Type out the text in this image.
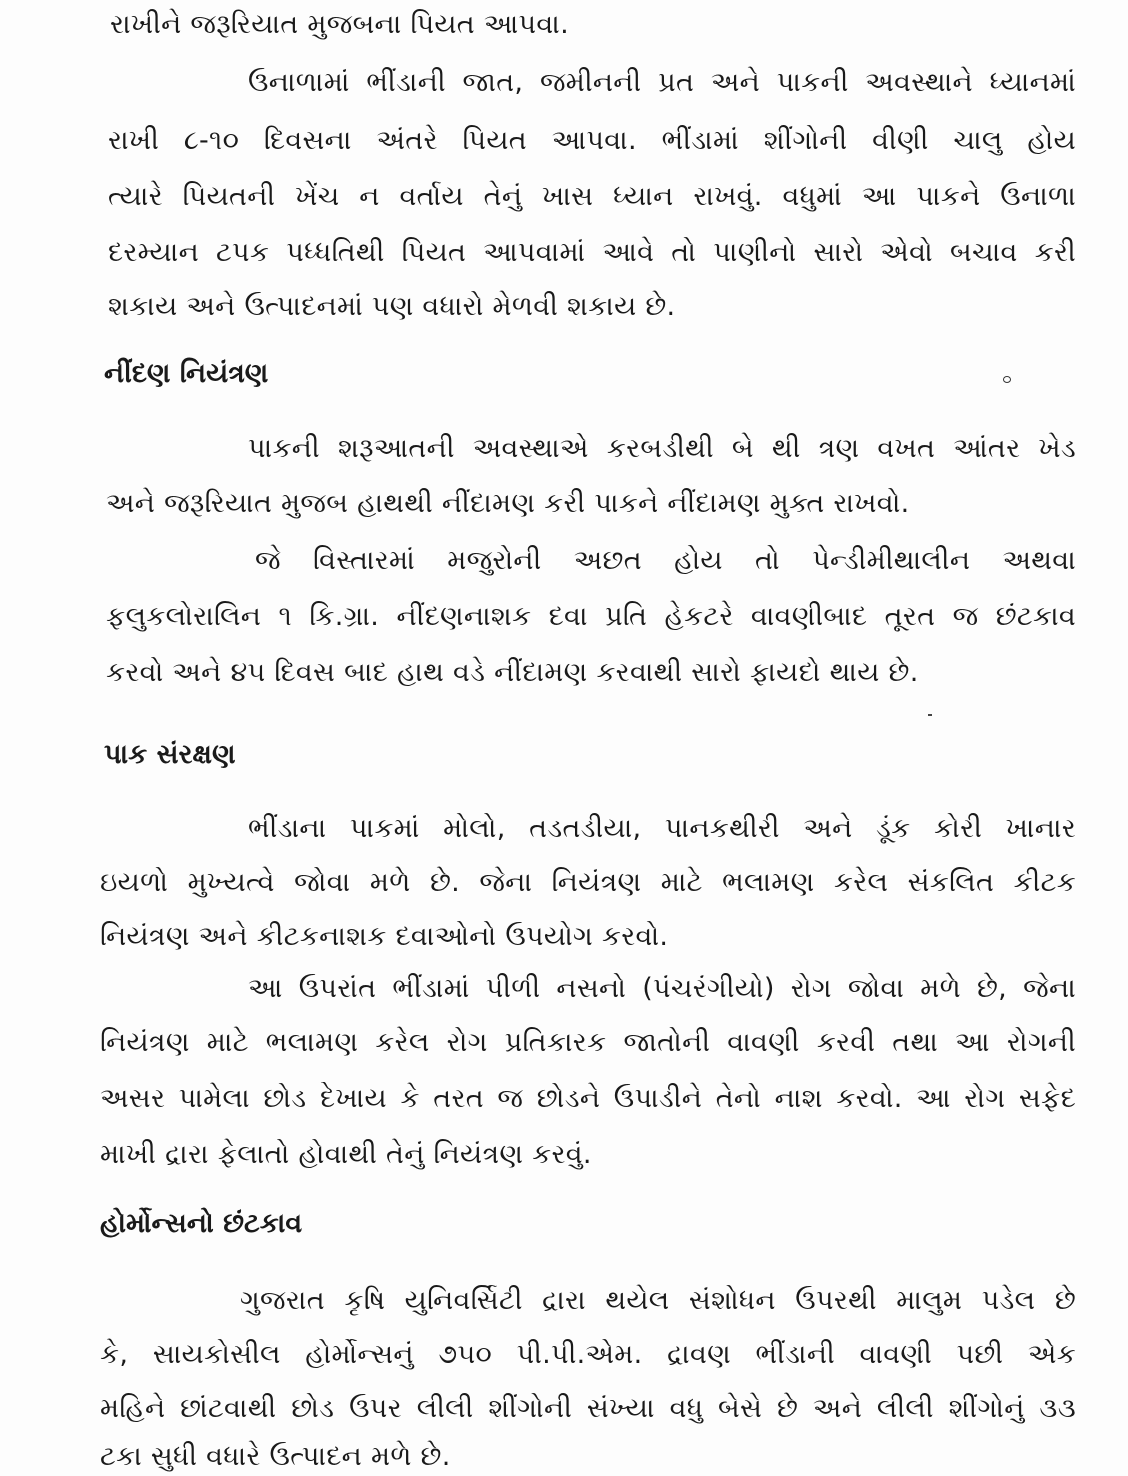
રાખીને જરૂરિયાત મુજબના પિયત આપવા.
ઉનાળામાં ભીંડાની જાત, જમીનની પ્રત અને પાકની અવસ્થાને ધ્યાનમાં
રાખી ૮-૧૦ દિવસના અંતરે પિયત આપવા. ભીંડામાં શીંગોની વીણી ચાલુ હોય
ત્યારે પિયતની ખેંચ ન વર્તાય તેનું ખાસ ધ્યાન રાખવું. વધુમાં આ પાકને ઉનાળા
દરમ્યાન ટપક પધ્ધતિથી પિયત આપવામાં આવે તો પાણીનો સારો એવો બચાવ કરી
શકાય અને ઉત્પાદનમાં પણ વધારો મેળવી શકાય છે.
નીંદણ નિયંત્રણ
પાકની શરૂઆતની અવસ્થાએ કરબડીથી બે થી ત્રણ વખત આંતર ખેડ
અને જરૂરિયાત મુજબ હાથથી નીંદામણ કરી પાકને નીંદામણ મુક્ત રાખવો.
જે વિસ્તારમાં મજુરોની અછત હોય તો પેન્ડીમીથાલીન અથવા
ફલુકલોરાલિન ૧ કિ.ગ્રા. નીંદણનાશક દવા પ્રતિ હેકટરે વાવણીબાદ તૂરત જ છંટકાવ
કરવો અને ૪૫ દિવસ બાદ હાથ વડે નીંદામણ કરવાથી સારો ફાયદો થાય છે.
પાક સંરક્ષણ
ભીંડાના પાકમાં મોલો, તડતડીયા, પાનકથીરી અને ડૂંક કોરી ખાનાર
ઇયળો મુખ્યત્વે જોવા મળે છે. જેના નિયંત્રણ માટે ભલામણ કરેલ સંકલિત કીટક
નિયંત્રણ અને કીટકનાશક દવાઓનો ઉપયોગ કરવો.
આ ઉપરાંત ભીંડામાં પીળી નસનો (પંચરંગીયો) રોગ જોવા મળે છે, જેના
નિયંત્રણ માટે ભલામણ કરેલ રોગ પ્રતિકારક જાતોની વાવણી કરવી તથા આ રોગની
અસર પામેલા છોડ દેખાય કે તરત જ છોડને ઉપાડીને તેનો નાશ કરવો. આ રોગ સફેદ
માખી દ્રારા ફેલાતો હોવાથી તેનું નિયંત્રણ કરવું.
હોર્મોન્સનો છંટકાવ
ગુજરાત કૃષિ યુનિવર્સિટી દ્રારા થયેલ સંશોધન ઉપરથી માલુમ પડેલ છે
કે, સાયકોસીલ હોર્મોન્સનું ૭૫૦ પી.પી.એમ. દ્રાવણ ભીંડાની વાવણી પછી એક
મહિને છાંટવાથી છોડ ઉપર લીલી શીંગોની સંખ્યા વધુ બેસે છે અને લીલી શીંગોનું ૩૩
ટકા સુધી વધારે ઉત્પાદન મળે છે.
